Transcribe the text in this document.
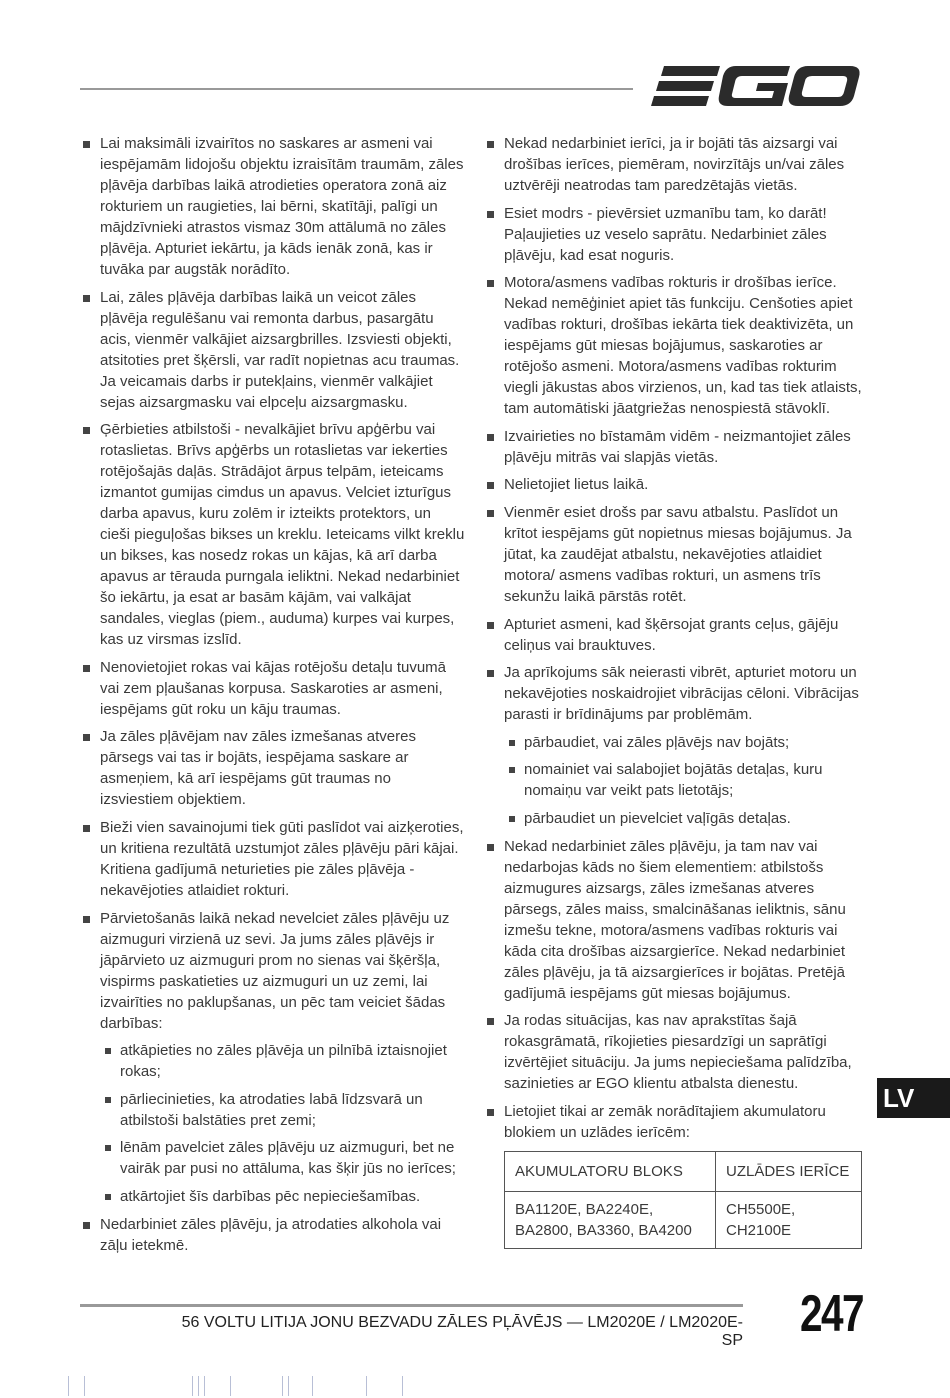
Lai maksimāli izvairītos no saskares ar asmeni vai iespējamām lidojošu objektu izraisītām traumām, zāles pļāvēja darbības laikā atrodieties operatora zonā aiz rokturiem un raugieties, lai bērni, skatītāji, palīgi un mājdzīvnieki atrastos vismaz 30m attālumā no zāles pļāvēja. Apturiet iekārtu, ja kāds ienāk zonā, kas ir tuvāka par augstāk norādīto.
Lai, zāles pļāvēja darbības laikā un veicot zāles pļāvēja regulēšanu vai remonta darbus, pasargātu acis, vienmēr valkājiet aizsargbrilles. Izsviesti objekti, atsitoties pret šķērsli, var radīt nopietnas acu traumas. Ja veicamais darbs ir putekļains, vienmēr valkājiet sejas aizsargmasku vai elpceļu aizsargmasku.
Ģērbieties atbilstoši - nevalkājiet brīvu apģērbu vai rotaslietas. Brīvs apģērbs un rotaslietas var iekerties rotējošajās daļās. Strādājot ārpus telpām, ieteicams izmantot gumijas cimdus un apavus. Velciet izturīgus darba apavus, kuru zolēm ir izteikts protektors, un cieši pieguļošas bikses un kreklu. Ieteicams vilkt kreklu un bikses, kas nosedz rokas un kājas, kā arī darba apavus ar tērauda purngala ieliktni. Nekad nedarbiniet šo iekārtu, ja esat ar basām kājām, vai valkājat sandales, vieglas (piem., auduma) kurpes vai kurpes, kas uz virsmas izslīd.
Nenovietojiet rokas vai kājas rotējošu detaļu tuvumā vai zem pļaušanas korpusa. Saskaroties ar asmeni, iespējams gūt roku un kāju traumas.
Ja zāles pļāvējam nav zāles izmešanas atveres pārsegs vai tas ir bojāts, iespējama saskare ar asmeņiem, kā arī iespējams gūt traumas no izsviestiem objektiem.
Bieži vien savainojumi tiek gūti paslīdot vai aizķeroties, un kritiena rezultātā uzstumjot zāles pļāvēju pāri kājai. Kritiena gadījumā neturieties pie zāles pļāvēja - nekavējoties atlaidiet rokturi.
Pārvietošanās laikā nekad nevelciet zāles pļāvēju uz aizmuguri virzienā uz sevi. Ja jums zāles pļāvējs ir jāpārvieto uz aizmuguri prom no sienas vai šķēršļa, vispirms paskatieties uz aizmuguri un uz zemi, lai izvairīties no paklupšanas, un pēc tam veiciet šādas darbības:
atkāpieties no zāles pļāvēja un pilnībā iztaisnojiet rokas;
pārliecinieties, ka atrodaties labā līdzsvarā un atbilstoši balstāties pret zemi;
lēnām pavelciet zāles pļāvēju uz aizmuguri, bet ne vairāk par pusi no attāluma, kas šķir jūs no ierīces;
atkārtojiet šīs darbības pēc nepieciešamības.
Nedarbiniet zāles pļāvēju, ja atrodaties alkohola vai zāļu ietekmē.
Nekad nedarbiniet ierīci, ja ir bojāti tās aizsargi vai drošības ierīces, piemēram, novirzītājs un/vai zāles uztvērēji neatrodas tam paredzētajās vietās.
Esiet modrs - pievērsiet uzmanību tam, ko darāt! Paļaujieties uz veselo saprātu. Nedarbiniet zāles pļāvēju, kad esat noguris.
Motora/asmens vadības rokturis ir drošības ierīce. Nekad nemēģiniet apiet tās funkciju. Cenšoties apiet vadības rokturi, drošības iekārta tiek deaktivizēta, un iespējams gūt miesas bojājumus, saskaroties ar rotējošo asmeni. Motora/asmens vadības rokturim viegli jākustas abos virzienos, un, kad tas tiek atlaists, tam automātiski jāatgriežas nenospiestā stāvoklī.
Izvairieties no bīstamām vidēm - neizmantojiet zāles pļāvēju mitrās vai slapjās vietās.
Nelietojiet lietus laikā.
Vienmēr esiet drošs par savu atbalstu. Paslīdot un krītot iespējams gūt nopietnus miesas bojājumus. Ja jūtat, ka zaudējat atbalstu, nekavējoties atlaidiet motora/ asmens vadības rokturi, un asmens trīs sekunžu laikā pārstās rotēt.
Apturiet asmeni, kad šķērsojat grants ceļus, gājēju celiņus vai brauktuves.
Ja aprīkojums sāk neierasti vibrēt, apturiet motoru un nekavējoties noskaidrojiet vibrācijas cēloni. Vibrācijas parasti ir brīdinājums par problēmām.
pārbaudiet, vai zāles pļāvējs nav bojāts;
nomainiet vai salabojiet bojātās detaļas, kuru nomaiņu var veikt pats lietotājs;
pārbaudiet un pievelciet vaļīgās detaļas.
Nekad nedarbiniet zāles pļāvēju, ja tam nav vai nedarbojas kāds no šiem elementiem: atbilstošs aizmugures aizsargs, zāles izmešanas atveres pārsegs, zāles maiss, smalcināšanas ieliktnis, sānu izmešu tekne, motora/asmens vadības rokturis vai kāda cita drošības aizsargierīce. Nekad nedarbiniet zāles pļāvēju, ja tā aizsargierīces ir bojātas. Pretējā gadījumā iespējams gūt miesas bojājumus.
Ja rodas situācijas, kas nav aprakstītas šajā rokasgrāmatā, rīkojieties piesardzīgi un saprātīgi izvērtējiet situāciju. Ja jums nepieciešama palīdzība, sazinieties ar EGO klientu atbalsta dienestu.
Lietojiet tikai ar zemāk norādītajiem akumulatoru blokiem un uzlādes ierīcēm:
AKUMULATORU BLOKS	UZLĀDES IERĪCE
BA1120E, BA2240E, BA2800, BA3360, BA4200	CH5500E, CH2100E
LV
56 VOLTU LITIJA JONU BEZVADU ZĀLES PĻĀVĒJS — LM2020E / LM2020E-SP 247
